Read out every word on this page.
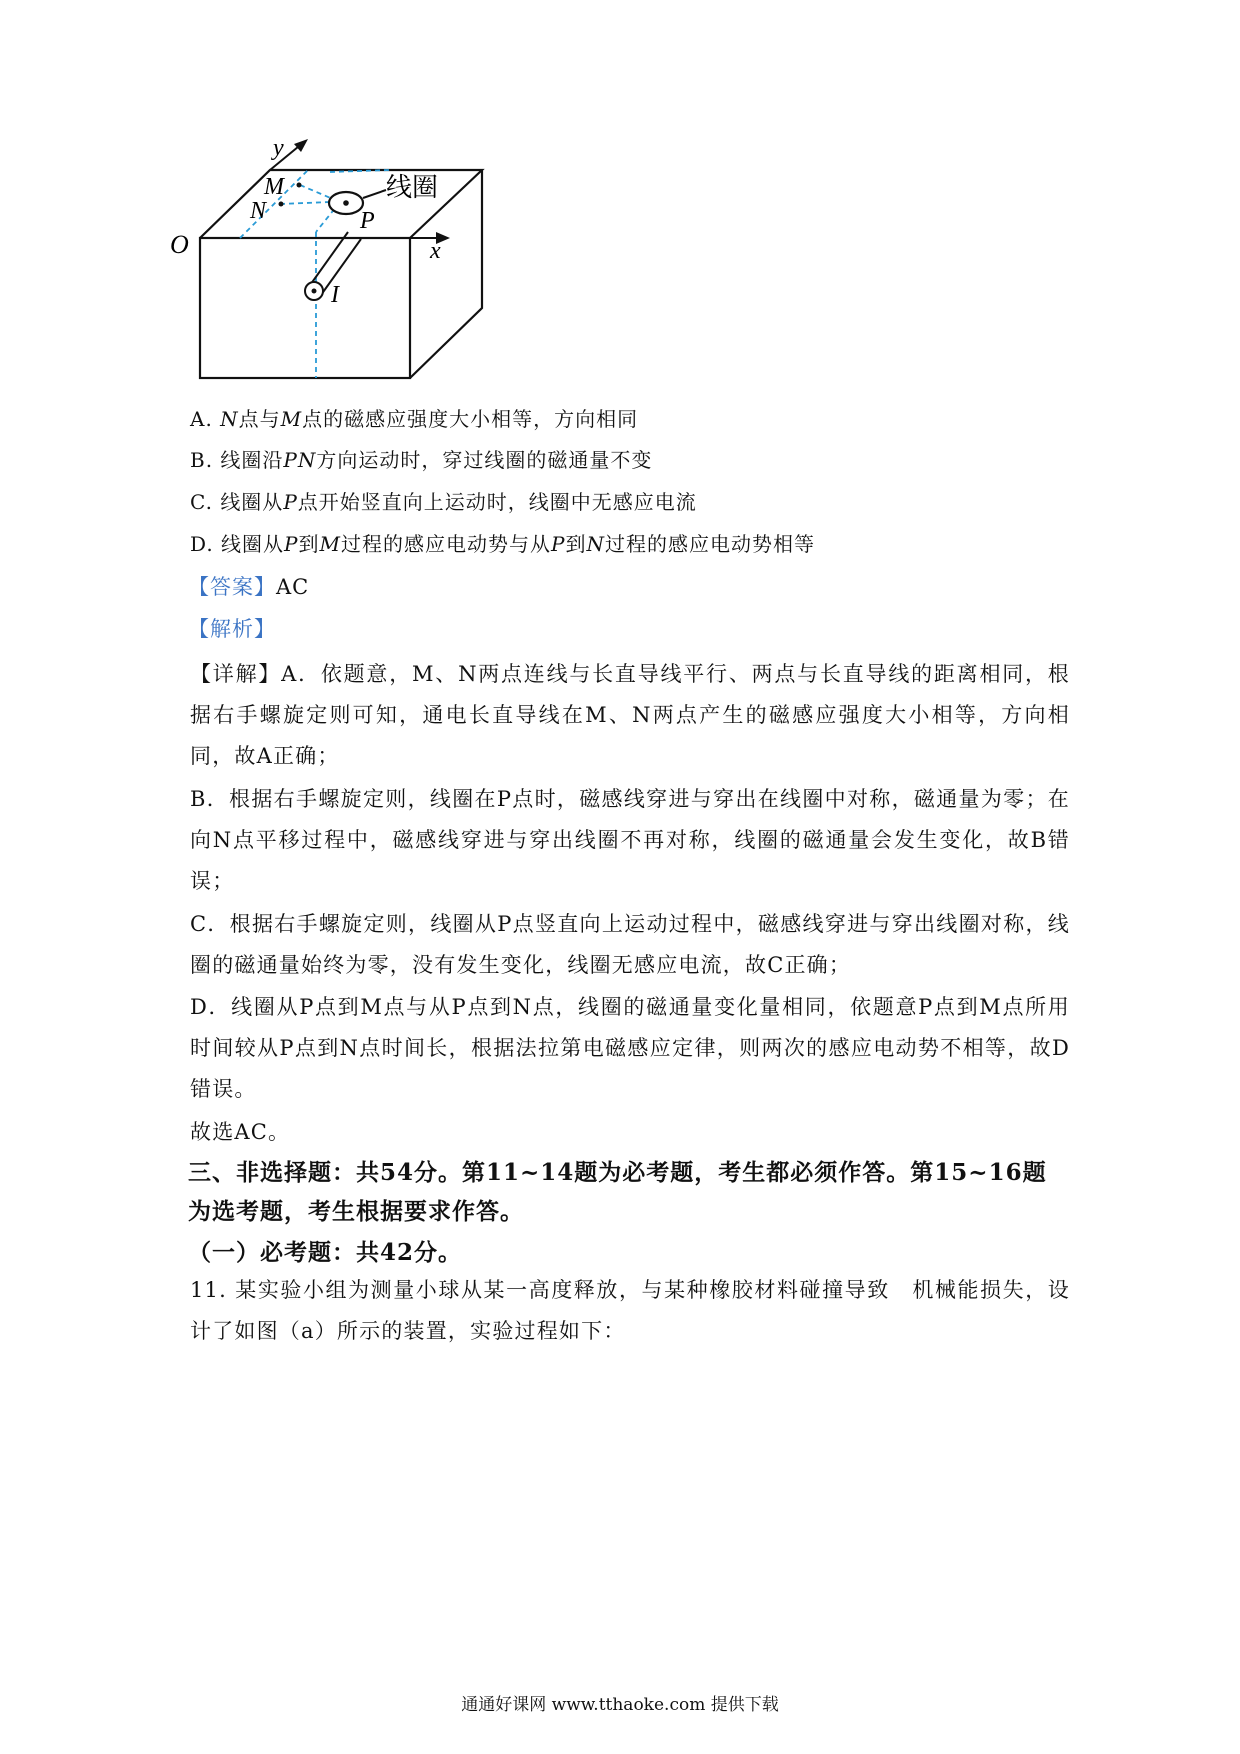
y
x
O
M
N	P
I
线圈
A. N点与M点的磁感应强度大小相等，方向相同
B. 线圈沿PN方向运动时，穿过线圈的磁通量不变
C. 线圈从P点开始竖直向上运动时，线圈中无感应电流
D. 线圈从P到M过程的感应电动势与从P到N过程的感应电动势相等
【答案】AC
【解析】
【详解】A．依题意，M、N两点连线与长直导线平行、两点与长直导线的距离相同，根据右手螺旋定则可知，通电长直导线在M、N两点产生的磁感应强度大小相等，方向相同，故A正确；
B．根据右手螺旋定则，线圈在P点时，磁感线穿进与穿出在线圈中对称，磁通量为零；在向N点平移过程中，磁感线穿进与穿出线圈不再对称，线圈的磁通量会发生变化，故B错误；
C．根据右手螺旋定则，线圈从P点竖直向上运动过程中，磁感线穿进与穿出线圈对称，线圈的磁通量始终为零，没有发生变化，线圈无感应电流，故C正确；
D．线圈从P点到M点与从P点到N点，线圈的磁通量变化量相同，依题意P点到M点所用时间较从P点到N点时间长，根据法拉第电磁感应定律，则两次的感应电动势不相等，故D错误。
故选AC。
三、非选择题：共54分。第11~14题为必考题，考生都必须作答。第15~16题为选考题，考生根据要求作答。
（一）必考题：共42分。
11. 某实验小组为测量小球从某一高度释放，与某种橡胶材料碰撞导致　机械能损失，设计了如图（a）所示的装置，实验过程如下：
通通好课网 www.tthaoke.com 提供下载
